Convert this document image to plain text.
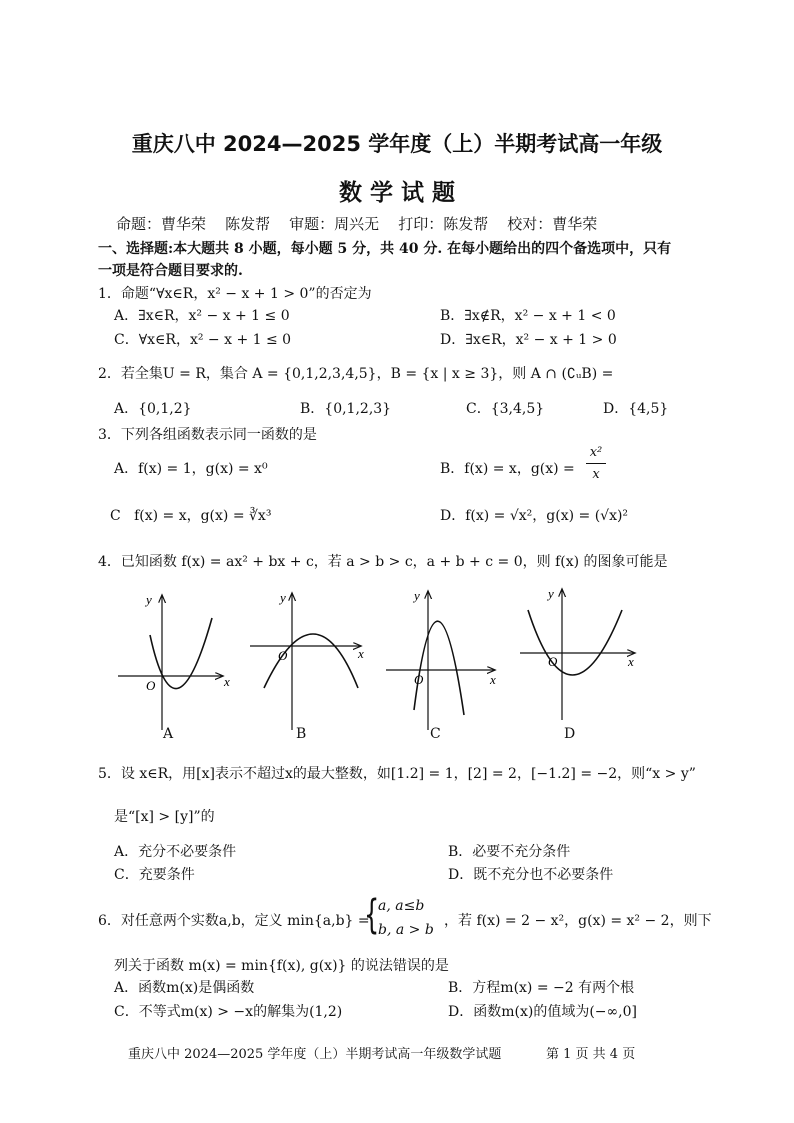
重庆八中 2024—2025 学年度（上）半期考试高一年级
数 学 试 题
命题：曹华荣    陈发帮    审题：周兴无    打印：陈发帮    校对：曹华荣
一、选择题:本大题共 8 小题，每小题 5 分，共 40 分. 在每小题给出的四个备选项中，只有
一项是符合题目要求的.
1．命题“∀x∈R，x² − x + 1 > 0”的否定为
A．∃x∈R，x² − x + 1 ≤ 0	B．∃x∉R，x² − x + 1 < 0
C．∀x∈R，x² − x + 1 ≤ 0	D．∃x∈R，x² − x + 1 > 0
2．若全集U = R，集合 A = {0,1,2,3,4,5}，B = {x | x ≥ 3}，则 A ∩ (∁ᵤB) =
A．{0,1,2}	B．{0,1,2,3}	C．{3,4,5}	D．{4,5}
3．下列各组函数表示同一函数的是
A．f(x) = 1，g(x) = x⁰	B．f(x) = x，g(x) =
x²
x
C   f(x) = x，g(x) = ∛x³	D．f(x) = √x²，g(x) = (√x)²
4．已知函数 f(x) = ax² + bx + c，若 a > b > c，a + b + c = 0，则 f(x) 的图象可能是
x
y
O
x
y
O
x
y
O
x
y
O
A	B	C	D
5．设 x∈R，用[x]表示不超过x的最大整数，如[1.2] = 1，[2] = 2，[−1.2] = −2，则“x > y”
是“[x] > [y]”的
A．充分不必要条件	B．必要不充分条件
C．充要条件	D．既不充分也不必要条件
6．对任意两个实数a,b，定义 min{a,b} =
{
a, a≤b
b, a > b
，若 f(x) = 2 − x²，g(x) = x² − 2，则下
列关于函数 m(x) = min{f(x), g(x)} 的说法错误的是
A．函数m(x)是偶函数	B．方程m(x) = −2 有两个根
C．不等式m(x) > −x的解集为(1,2)	D．函数m(x)的值域为(−∞,0]
重庆八中 2024—2025 学年度（上）半期考试高一年级数学试题	第 1 页 共 4 页
